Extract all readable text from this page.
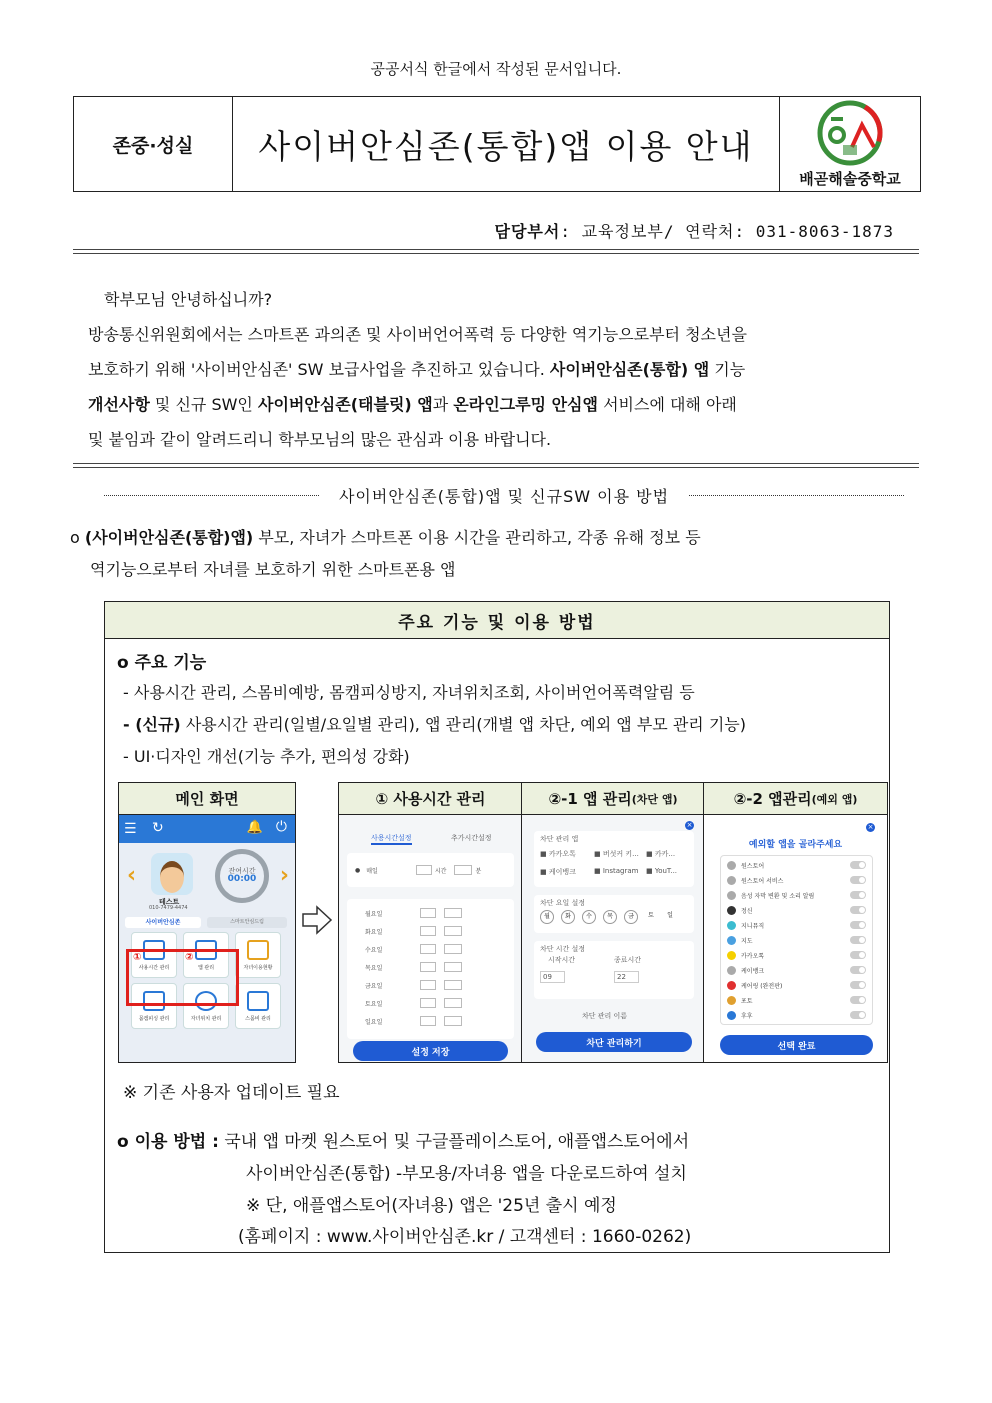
공공서식 한글에서 작성된 문서입니다.
존중·성실	사이버안심존(통합)앱 이용 안내
배곧해솔중학교
담당부서: 교육정보부/ 연락처: 031-8063-1873

학부모님 안녕하십니까?

방송통신위원회에서는 스마트폰 과의존 및 사이버언어폭력 등 다양한 역기능으로부터 청소년을

보호하기 위해 '사이버안심존' SW 보급사업을 추진하고 있습니다. 사이버안심존(통합) 앱 기능

개선사항 및 신규 SW인 사이버안심존(태블릿) 앱과 온라인그루밍 안심앱 서비스에 대해 아래

및 붙임과 같이 알려드리니 학부모님의 많은 관심과 이용 바랍니다.

사이버안심존(통합)앱 및 신규SW 이용 방법

o (사이버안심존(통합)앱) 부모, 자녀가 스마트폰 이용 시간을 관리하고, 각종 유해 정보 등

역기능으로부터 자녀를 보호하기 위한 스마트폰용 앱

주요 기능 및 이용 방법
o 주요 기능
- 사용시간 관리, 스몸비예방, 몸캠피싱방지, 자녀위치조회, 사이버언어폭력알림 등
- (신규) 사용시간 관리(일별/요일별 관리), 앱 관리(개별 앱 차단, 예외 앱 부모 관리 기능)
- UI·디자인 개선(기능 추가, 편의성 강화)
메인 화면
☰ ↻	🔔 ⏻
‹	›
잔여시간
00:00
테스트
010-7479-4474
사이버안심존	스마트안심드림
사용시간 관리	앱 관리	자녀이용현황
몸캠피싱 관리	자녀위치 관리	스몸비 관리
①	②
① 사용시간 관리
사용시간설정	추가시간설정
● 매일	시간	분
월요일
화요일
수요일
목요일
금요일
토요일
일요일
설정 저장
②-1 앱 관리 (차단 앱)
×
차단 관리 앱
■ 카카오톡	■ 버섯커 키... ■ 카카...
■ 케이뱅크	■ Instagram ■ YouT...
차단 요일 설정
월	화	수	목	금	토	일
차단 시간 설정
시작시간	종료시간
09	22
차단 관리 이름
차단 관리하기
②-2 앱관리 (예외 앱)
×
예외할 앱을 골라주세요
원스토어
원스토어 서비스
음성 자막 변환 및 소리 알림
정신
지니뮤직
지도
카카오톡
케이뱅크
케어링 (완전판)
포토
후후
선택 완료
※ 기존 사용자 업데이트 필요
o 이용 방법 : 국내 앱 마켓 원스토어 및 구글플레이스토어, 애플앱스토어에서
사이버안심존(통합) -부모용/자녀용 앱을 다운로드하여 설치
※ 단, 애플앱스토어(자녀용) 앱은 '25년 출시 예정
(홈페이지 : www.사이버안심존.kr / 고객센터 : 1660-0262)
